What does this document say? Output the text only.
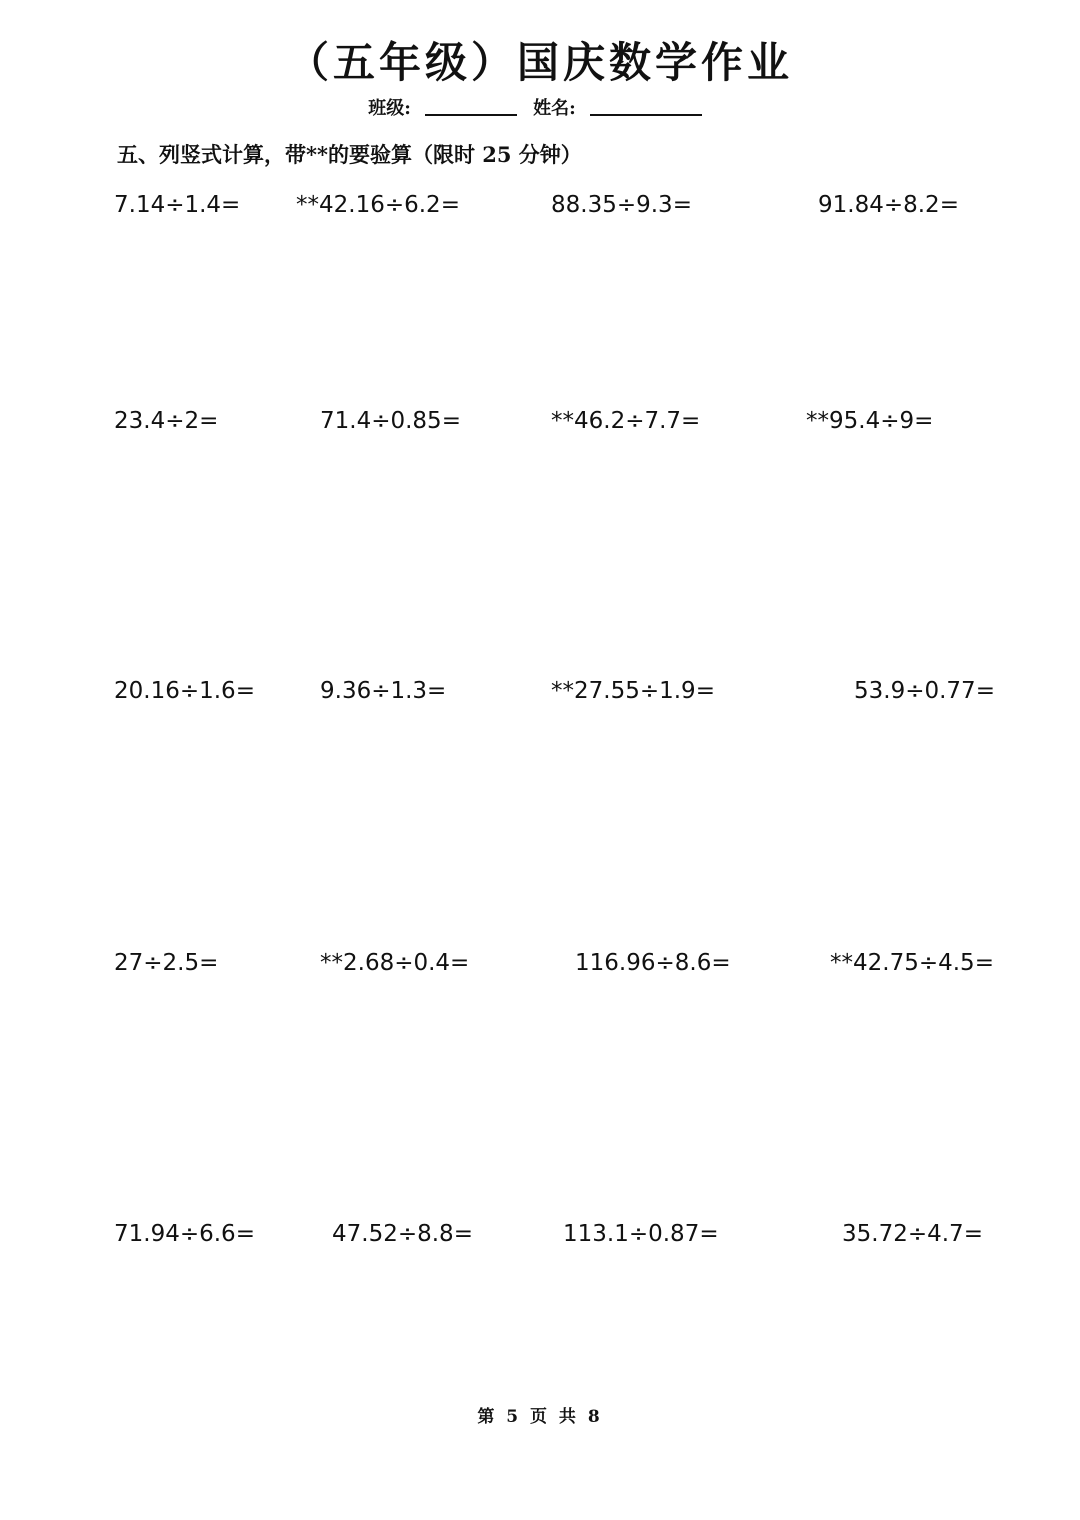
（五年级）国庆数学作业
班级:	姓名:
五、列竖式计算，带**的要验算（限时 25 分钟）
7.14÷1.4= **42.16÷6.2=	88.35÷9.3=	91.84÷8.2=
23.4÷2=	71.4÷0.85=	**46.2÷7.7=	**95.4÷9=
20.16÷1.6=	9.36÷1.3=	**27.55÷1.9=	53.9÷0.77=
27÷2.5=	**2.68÷0.4=	116.96÷8.6=	**42.75÷4.5=
71.94÷6.6=	47.52÷8.8=	113.1÷0.87=	35.72÷4.7=
第 5 页 共 8
